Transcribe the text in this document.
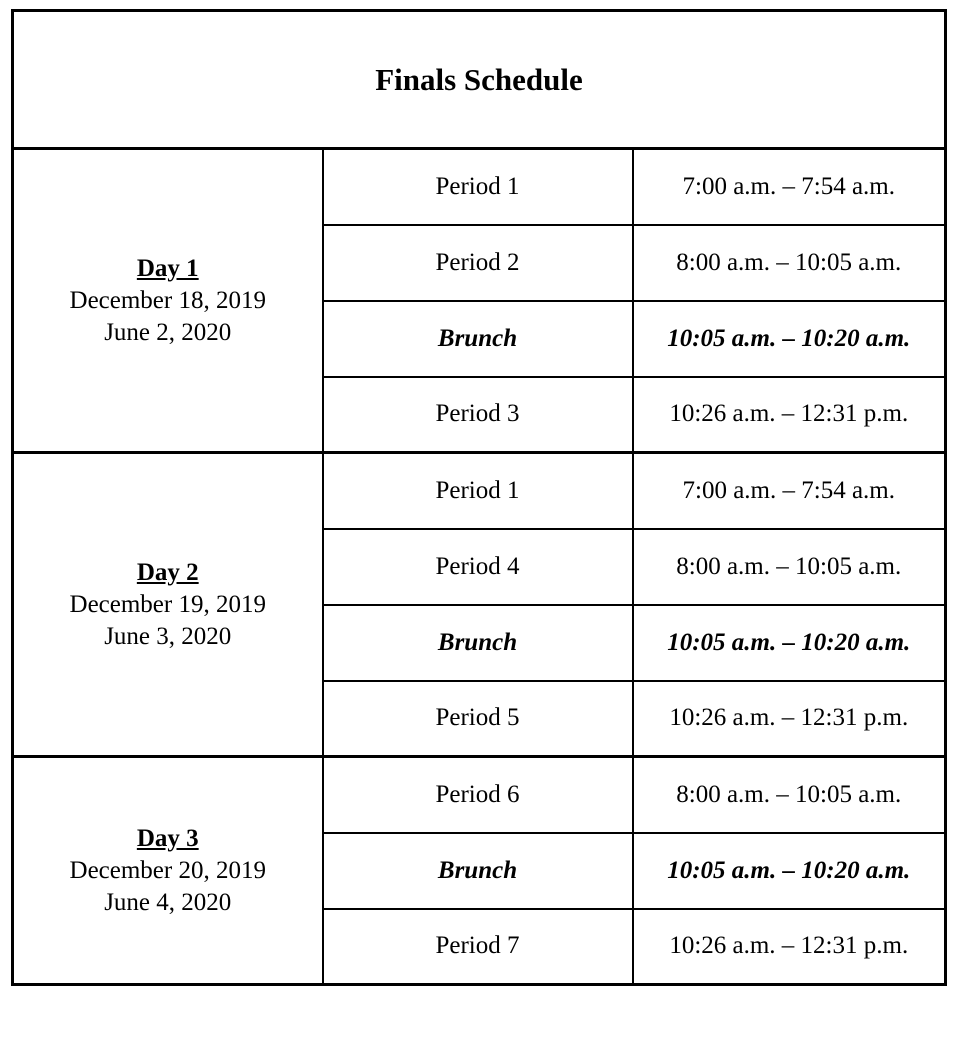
Finals Schedule		

Day 1
December 18, 2019
June 2, 2020	Period 1	7:00 a.m. – 7:54 a.m.
	Period 2	8:00 a.m. – 10:05 a.m.
	Brunch	10:05 a.m. – 10:20 a.m.
	Period 3	10:26 a.m. – 12:31 p.m.

Day 2
December 19, 2019
June 3, 2020	Period 1	7:00 a.m. – 7:54 a.m.
	Period 4	8:00 a.m. – 10:05 a.m.
	Brunch	10:05 a.m. – 10:20 a.m.
	Period 5	10:26 a.m. – 12:31 p.m.

Day 3
December 20, 2019
June 4, 2020	Period 6	8:00 a.m. – 10:05 a.m.
	Brunch	10:05 a.m. – 10:20 a.m.
	Period 7	10:26 a.m. – 12:31 p.m.
